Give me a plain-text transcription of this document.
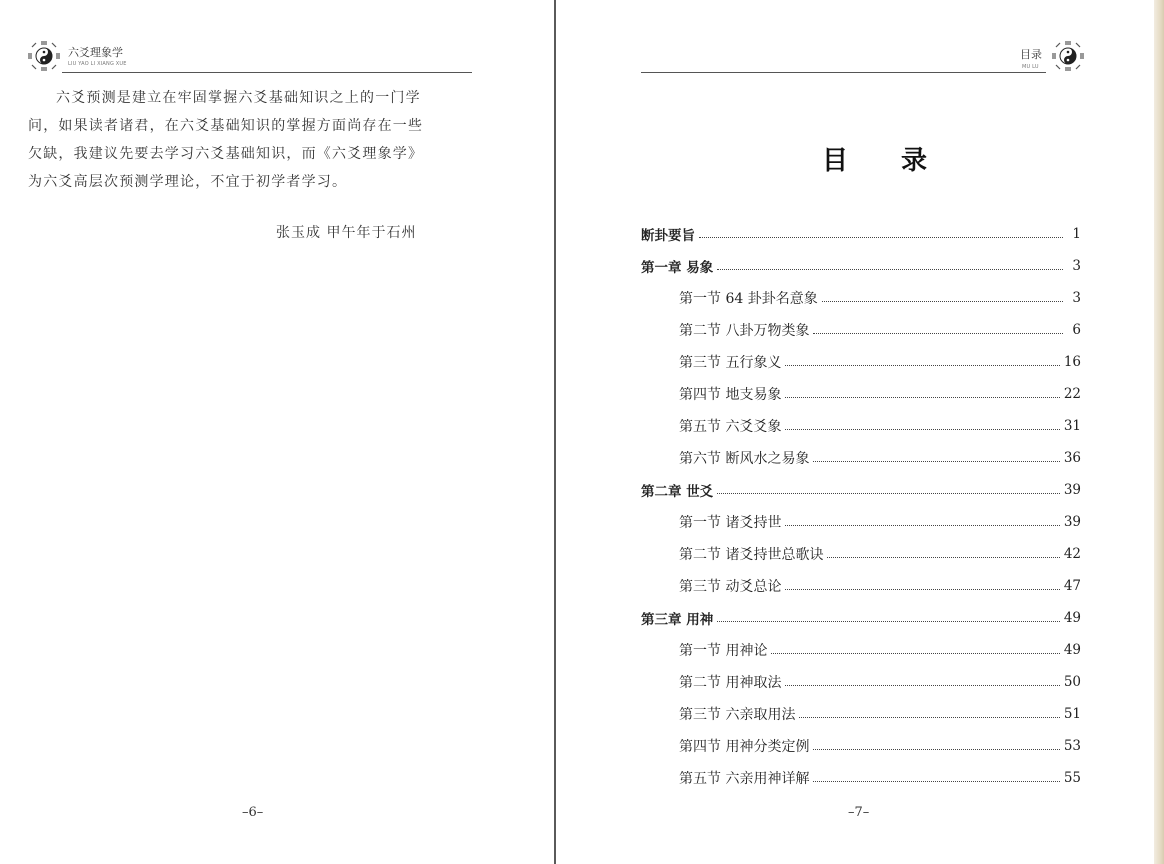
六爻理象学
LIU YAO LI XIANG XUE
六爻预测是建立在牢固掌握六爻基础知识之上的一门学
问，如果读者诸君，在六爻基础知识的掌握方面尚存在一些
欠缺，我建议先要去学习六爻基础知识，而《六爻理象学》
为六爻高层次预测学理论，不宜于初学者学习。
张玉成 甲午年于石州
–6–
目录
MU LU
目 录
断卦要旨	1
第一章 易象	3
第一节 64 卦卦名意象	3
第二节 八卦万物类象	6
第三节 五行象义	16
第四节 地支易象	22
第五节 六爻爻象	31
第六节 断风水之易象	36
第二章 世爻	39
第一节 诸爻持世	39
第二节 诸爻持世总歌诀	42
第三节 动爻总论	47
第三章 用神	49
第一节 用神论	49
第二节 用神取法	50
第三节 六亲取用法	51
第四节 用神分类定例	53
第五节 六亲用神详解	55
–7–
